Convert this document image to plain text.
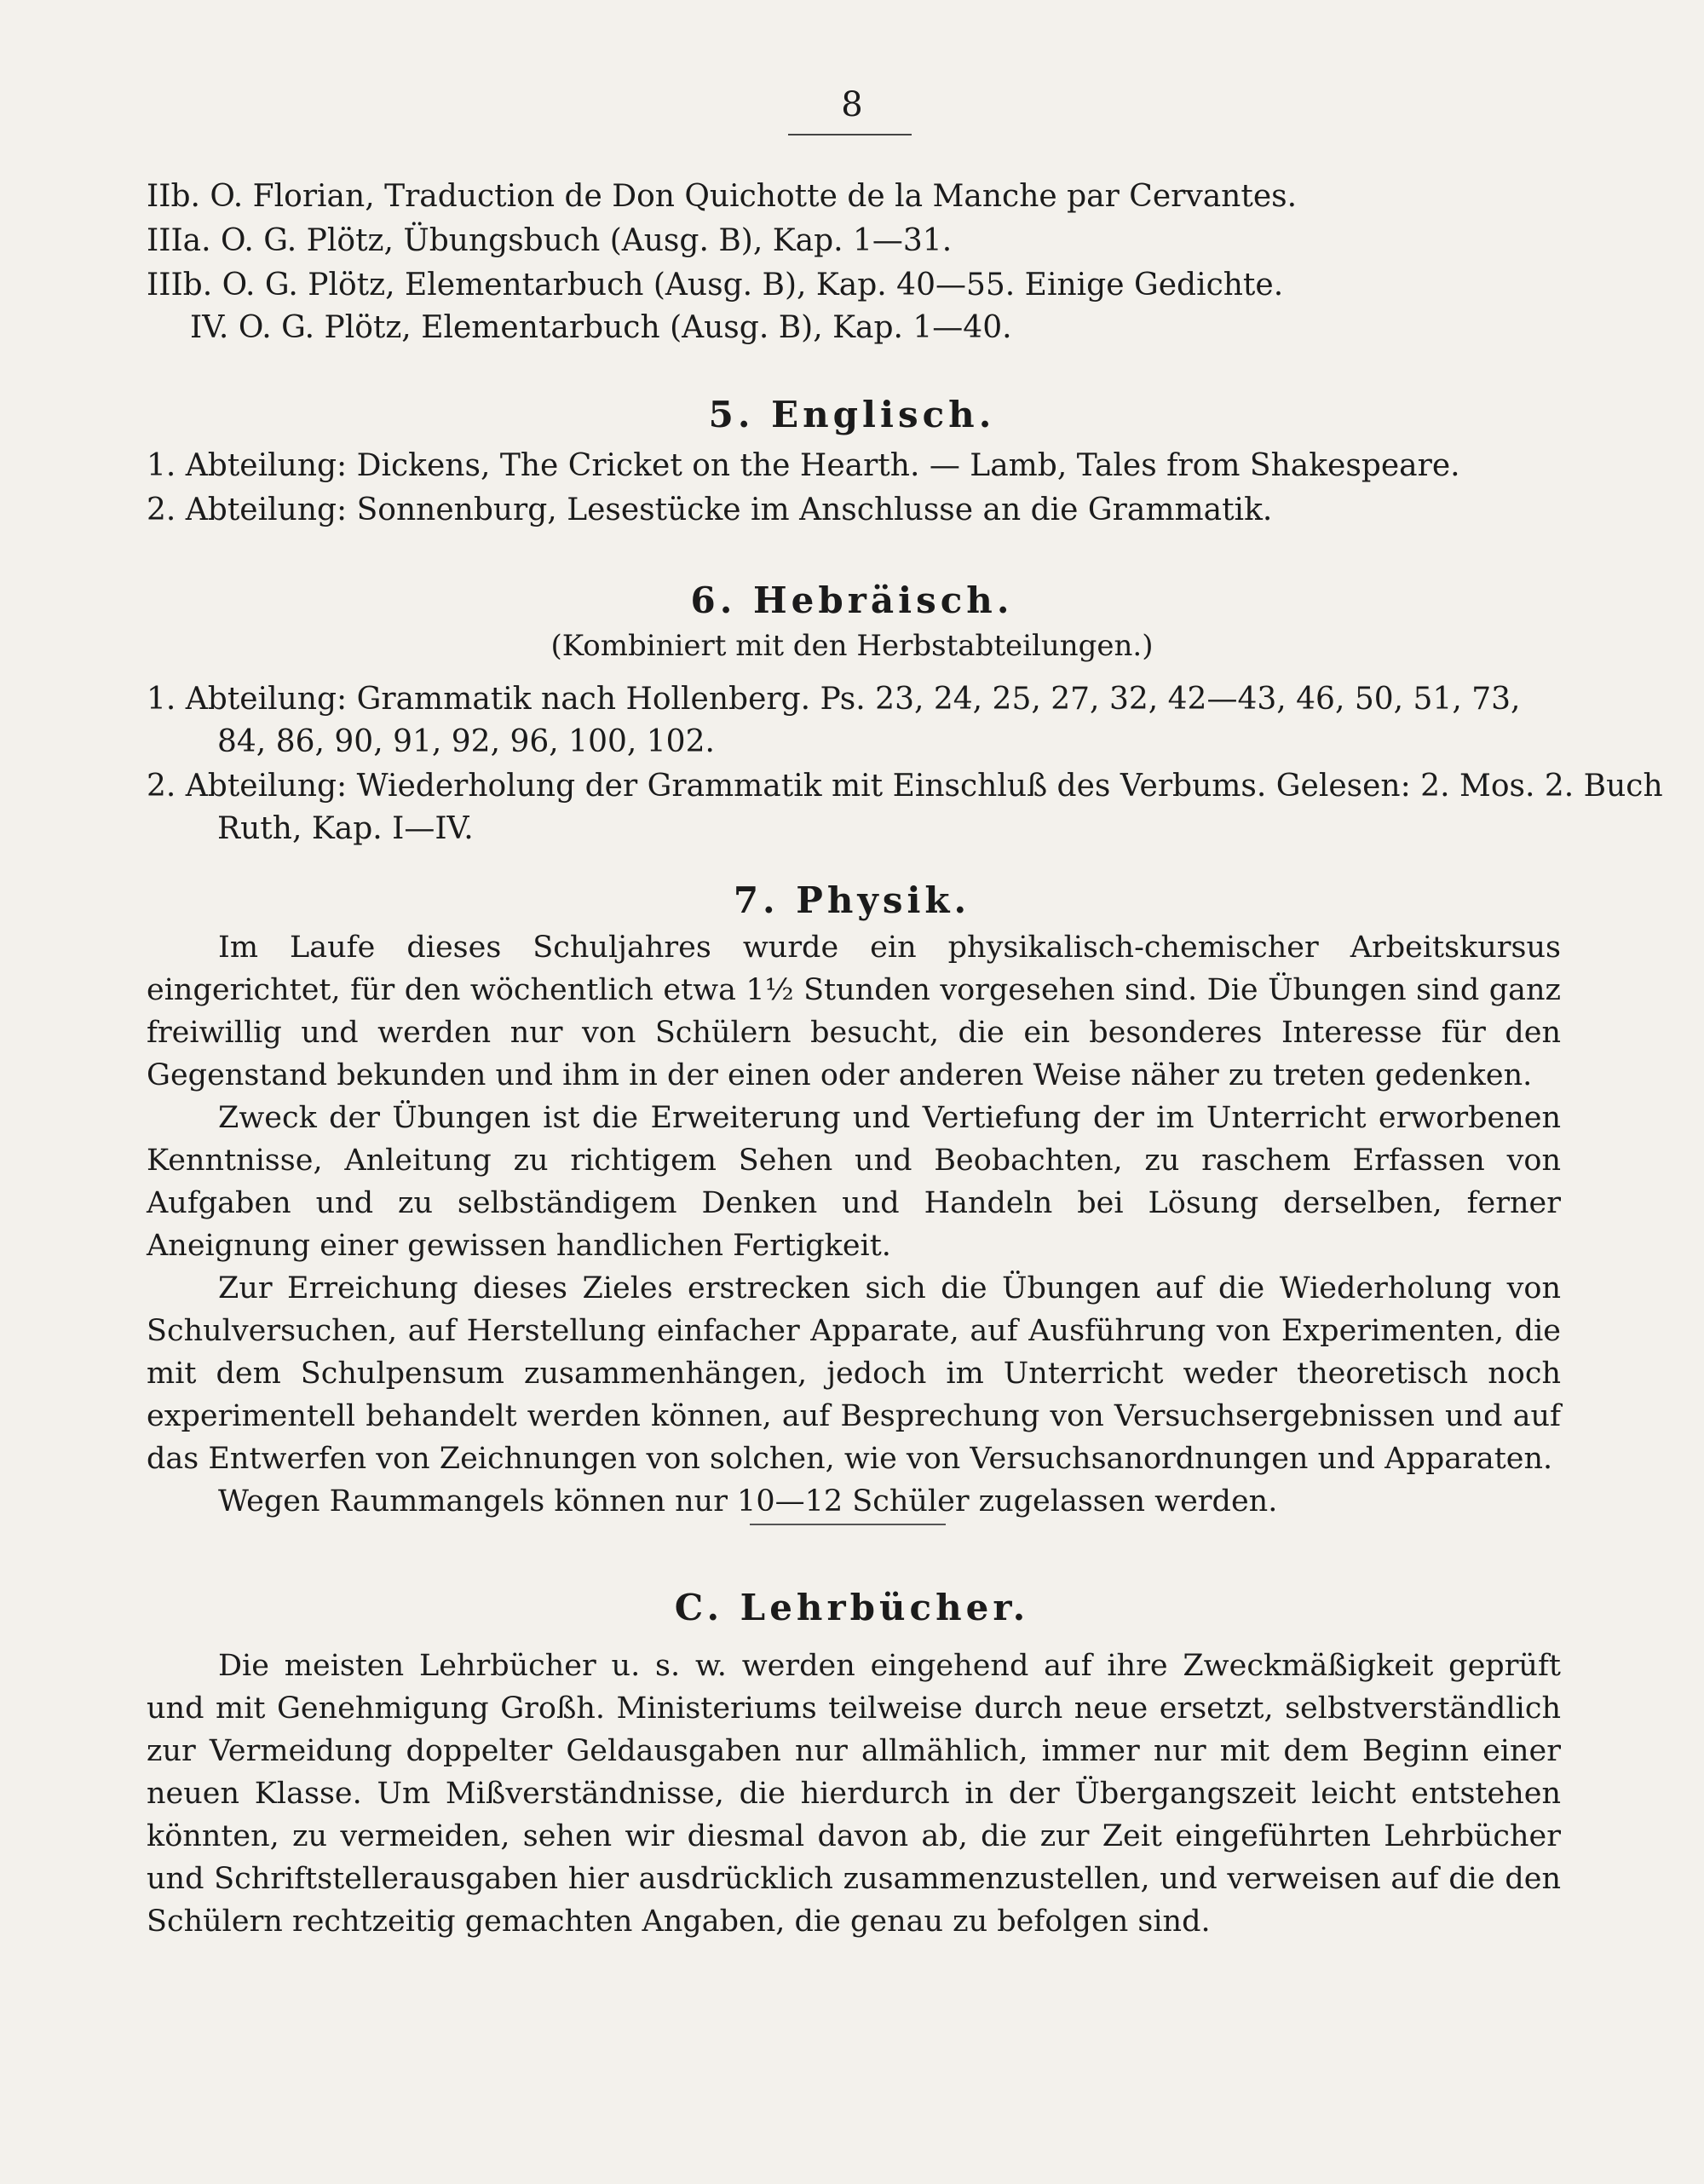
8
IIb. O. Florian, Traduction de Don Quichotte de la Manche par Cervantes.
IIIa. O. G. Plötz, Übungsbuch (Ausg. B), Kap. 1—31.
IIIb. O. G. Plötz, Elementarbuch (Ausg. B), Kap. 40—55. Einige Gedichte.
IV. O. G. Plötz, Elementarbuch (Ausg. B), Kap. 1—40.
5. Englisch.
1. Abteilung: Dickens, The Cricket on the Hearth. — Lamb, Tales from Shakespeare.
2. Abteilung: Sonnenburg, Lesestücke im Anschlusse an die Grammatik.
6. Hebräisch.
(Kombiniert mit den Herbstabteilungen.)
1. Abteilung: Grammatik nach Hollenberg. Ps. 23, 24, 25, 27, 32, 42—43, 46, 50, 51, 73,
84, 86, 90, 91, 92, 96, 100, 102.
2. Abteilung: Wiederholung der Grammatik mit Einschluß des Verbums. Gelesen: 2. Mos. 2. Buch
Ruth, Kap. I—IV.
7. Physik.

Im Laufe dieses Schuljahres wurde ein physikalisch-chemischer Arbeitskursus eingerichtet, für den wöchentlich etwa 1½ Stunden vorgesehen sind. Die Übungen sind ganz freiwillig und werden nur von Schülern besucht, die ein besonderes Interesse für den Gegenstand bekunden und ihm in der einen oder anderen Weise näher zu treten gedenken.

Zweck der Übungen ist die Erweiterung und Vertiefung der im Unterricht erworbenen Kenntnisse, Anleitung zu richtigem Sehen und Beobachten, zu raschem Erfassen von Aufgaben und zu selbständigem Denken und Handeln bei Lösung derselben, ferner Aneignung einer gewissen handlichen Fertigkeit.

Zur Erreichung dieses Zieles erstrecken sich die Übungen auf die Wiederholung von Schulversuchen, auf Herstellung einfacher Apparate, auf Ausführung von Experimenten, die mit dem Schulpensum zusammenhängen, jedoch im Unterricht weder theoretisch noch experimentell behandelt werden können, auf Besprechung von Versuchsergebnissen und auf das Entwerfen von Zeichnungen von solchen, wie von Versuchsanordnungen und Apparaten.

Wegen Raummangels können nur 10—12 Schüler zugelassen werden.

C. Lehrbücher.

Die meisten Lehrbücher u. s. w. werden eingehend auf ihre Zweckmäßigkeit geprüft und mit Genehmigung Großh. Ministeriums teilweise durch neue ersetzt, selbstverständlich zur Vermeidung doppelter Geldausgaben nur allmählich, immer nur mit dem Beginn einer neuen Klasse. Um Mißverständnisse, die hierdurch in der Übergangszeit leicht entstehen könnten, zu vermeiden, sehen wir diesmal davon ab, die zur Zeit eingeführten Lehrbücher und Schriftstellerausgaben hier ausdrücklich zusammenzustellen, und verweisen auf die den Schülern rechtzeitig gemachten Angaben, die genau zu befolgen sind.
